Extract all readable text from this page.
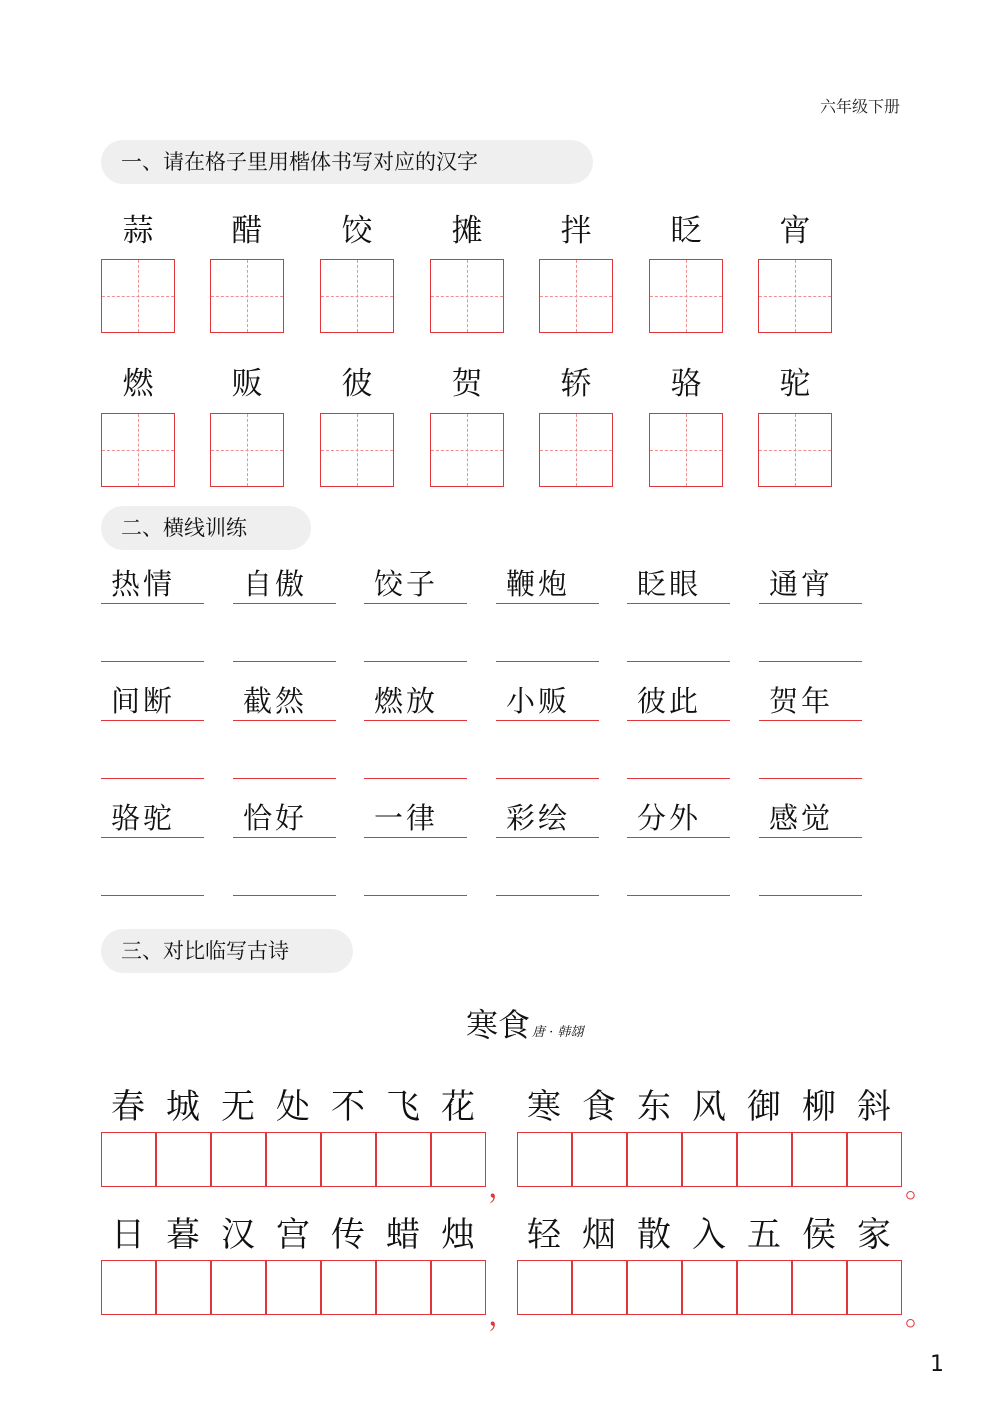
六年级下册
一、请在格子里用楷体书写对应的汉字
蒜	醋	饺	摊	拌	眨	宵
燃	贩	彼	贺	轿	骆	驼
二、横线训练
热情	自傲	饺子	鞭炮	眨眼	通宵
间断	截然	燃放	小贩	彼此	贺年
骆驼	恰好	一律	彩绘	分外	感觉
三、对比临写古诗
寒食 唐 · 韩翃
春 城 无 处 不 飞 花 寒 食 东 风 御 柳 斜
日 暮 汉 宫 传 蜡 烛 轻 烟 散 入 五 侯 家
，	。
，	。
1
